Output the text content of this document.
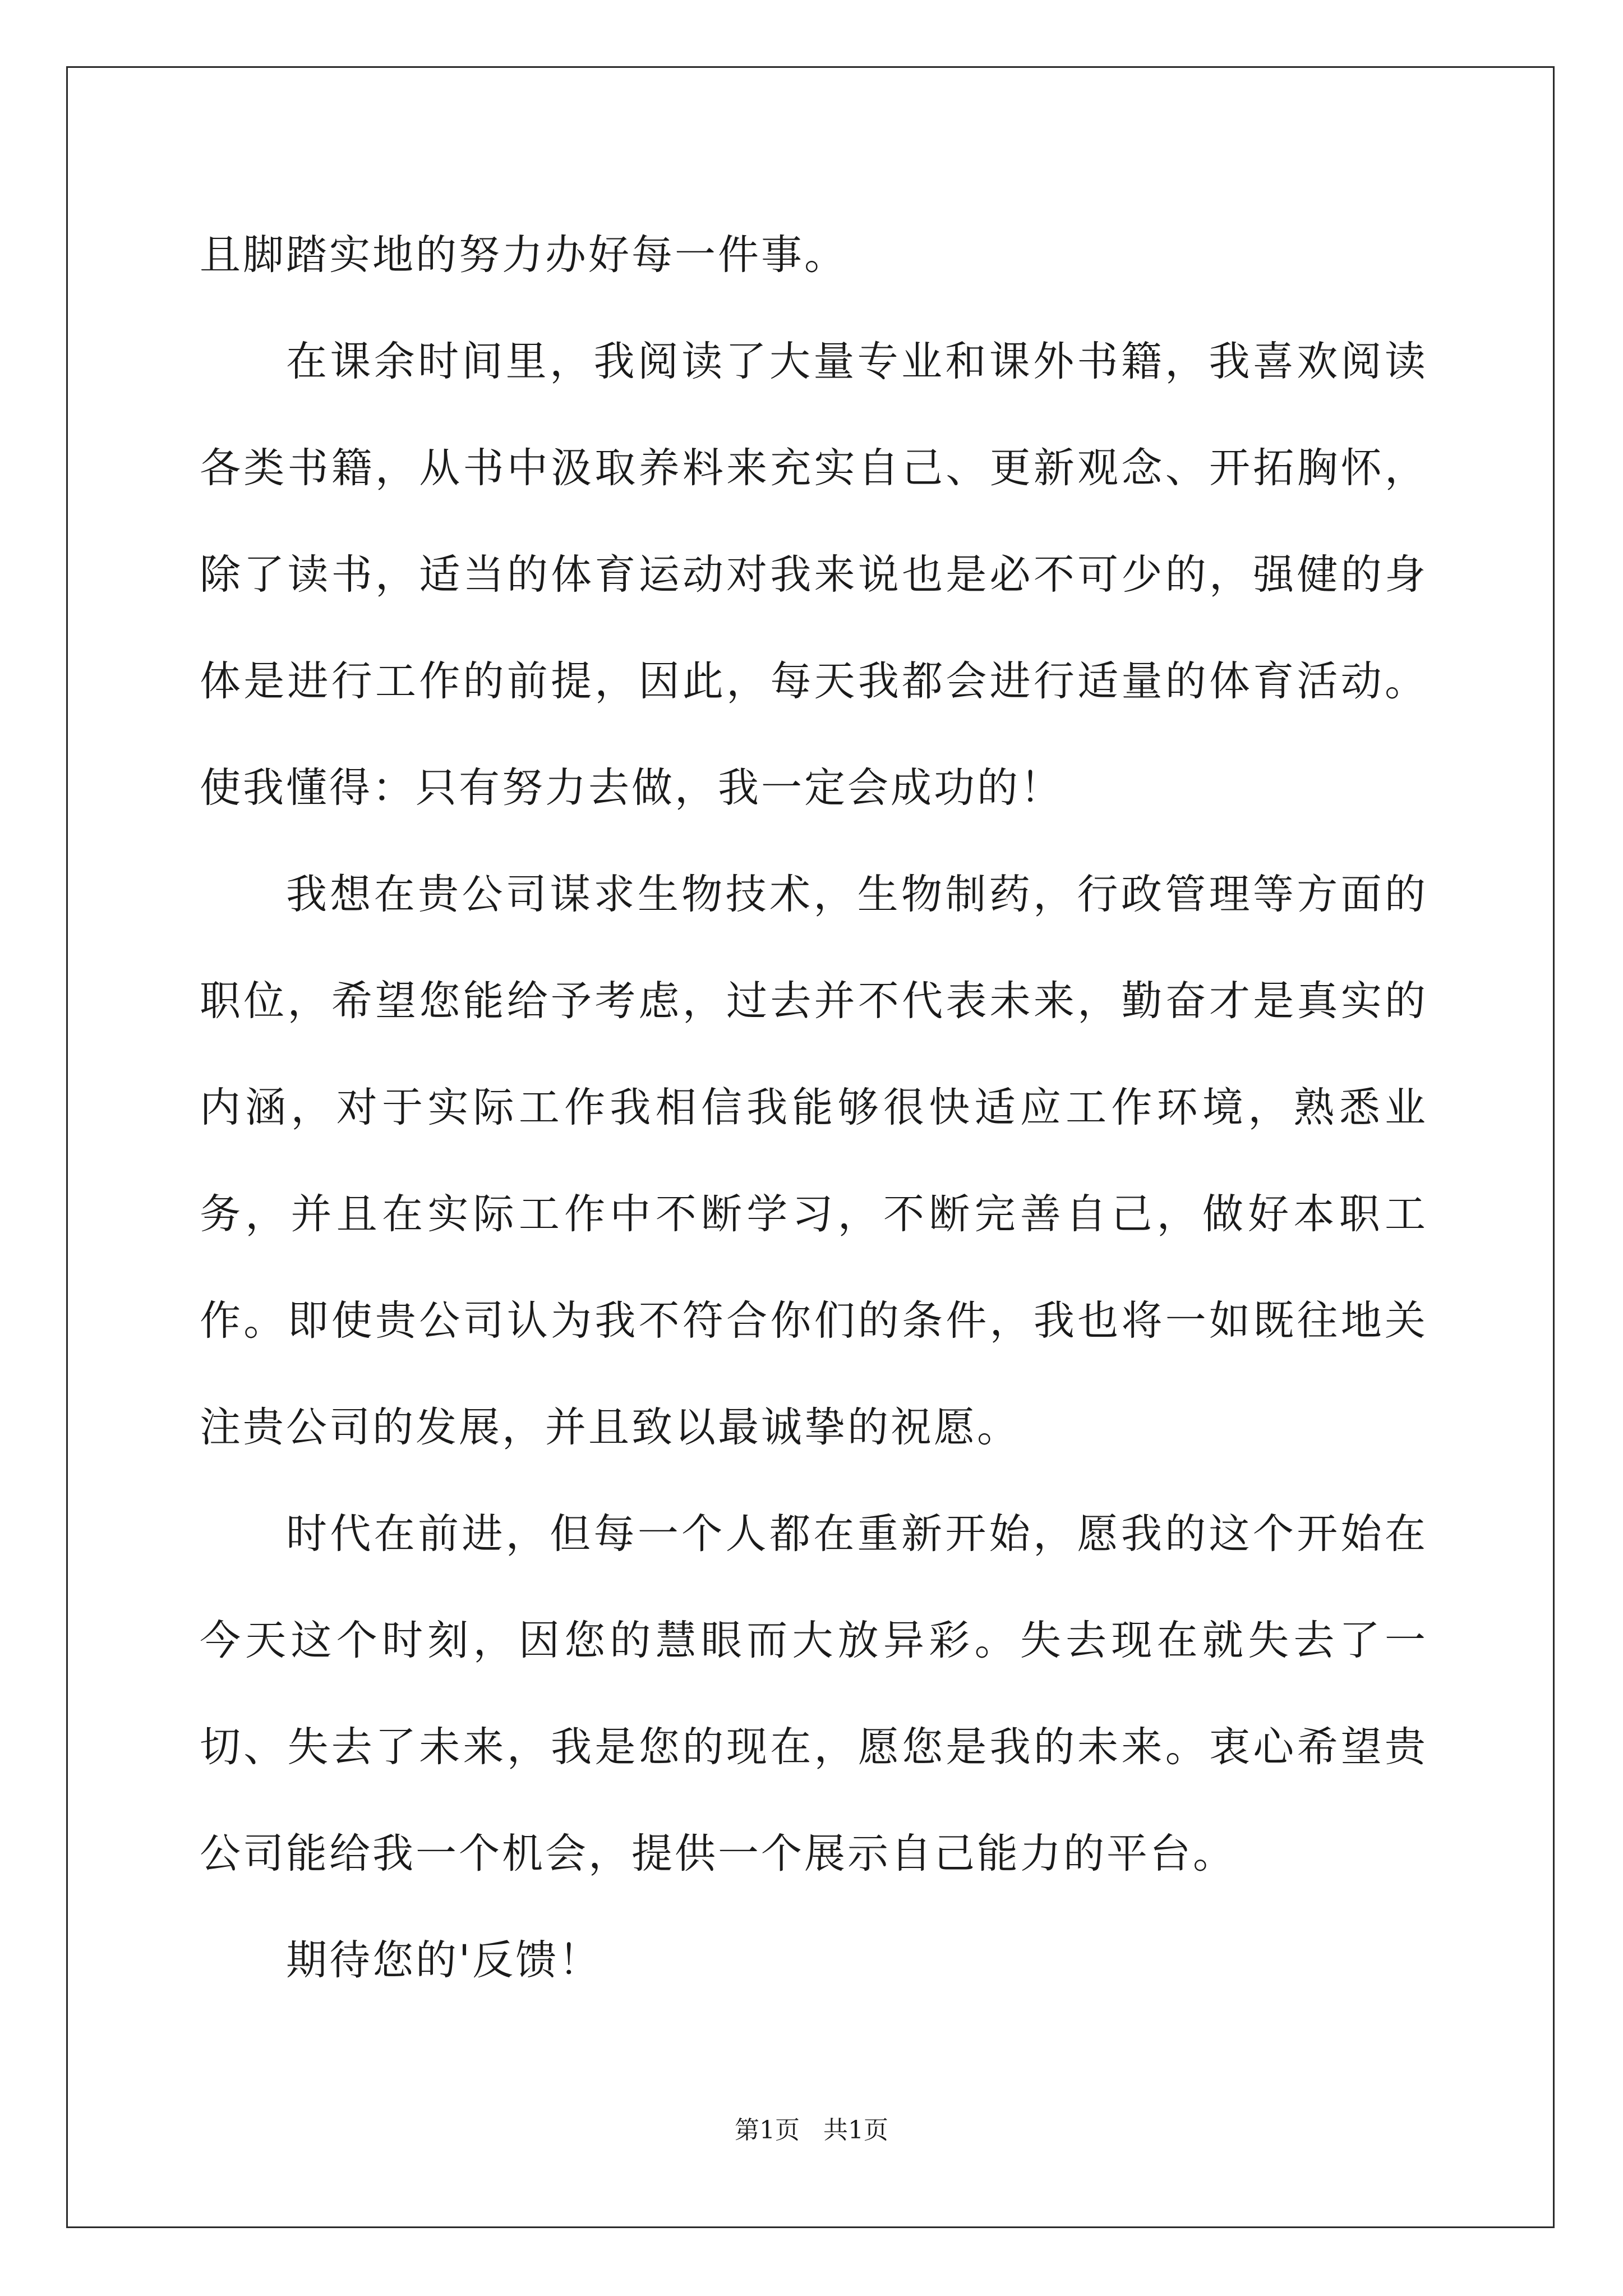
且脚踏实地的努力办好每一件事。

在课余时间里，我阅读了大量专业和课外书籍，我喜欢阅读各类书籍，从书中汲取养料来充实自己、更新观念、开拓胸怀，除了读书，适当的体育运动对我来说也是必不可少的，强健的身体是进行工作的前提，因此，每天我都会进行适量的体育活动。使我懂得：只有努力去做，我一定会成功的！

我想在贵公司谋求生物技术，生物制药，行政管理等方面的职位，希望您能给予考虑，过去并不代表未来，勤奋才是真实的内涵，对于实际工作我相信我能够很快适应工作环境，熟悉业务，并且在实际工作中不断学习，不断完善自己，做好本职工作。即使贵公司认为我不符合你们的条件，我也将一如既往地关注贵公司的发展，并且致以最诚挚的祝愿。

时代在前进，但每一个人都在重新开始，愿我的这个开始在今天这个时刻，因您的慧眼而大放异彩。失去现在就失去了一切、失去了未来，我是您的现在，愿您是我的未来。衷心希望贵公司能给我一个机会，提供一个展示自己能力的平台。

期待您的'反馈！

第1页 共1页
